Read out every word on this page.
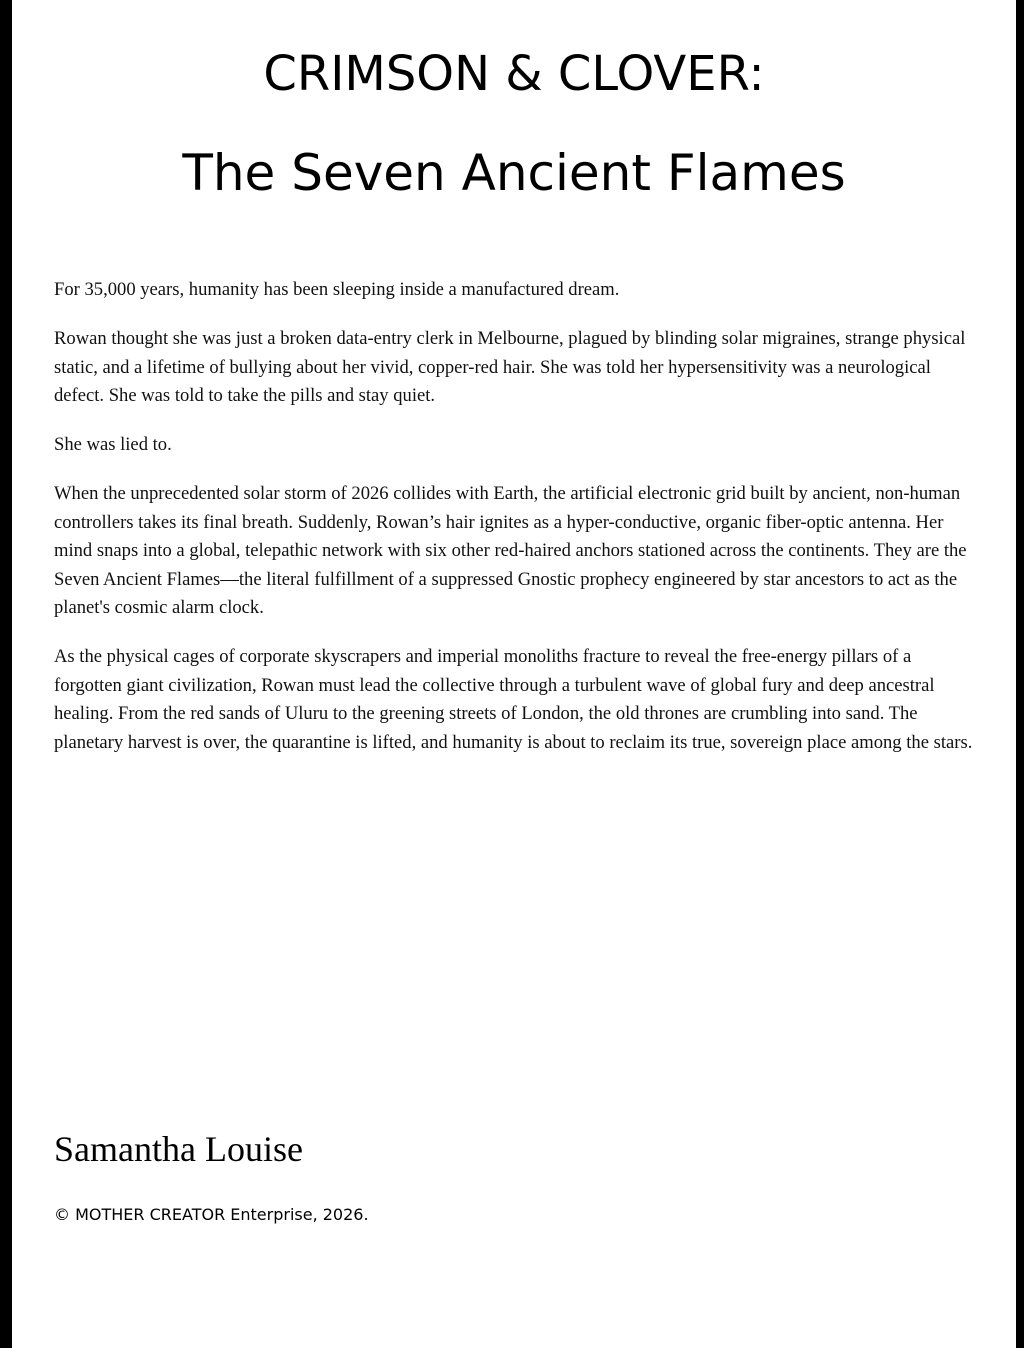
CRIMSON & CLOVER:
The Seven Ancient Flames

For 35,000 years, humanity has been sleeping inside a manufactured dream.

Rowan thought she was just a broken data-entry clerk in Melbourne, plagued by blinding solar migraines, strange physical static, and a lifetime of bullying about her vivid, copper-red hair. She was told her hypersensitivity was a neurological defect. She was told to take the pills and stay quiet.

She was lied to.

When the unprecedented solar storm of 2026 collides with Earth, the artificial electronic grid built by ancient, non-human controllers takes its final breath. Suddenly, Rowan’s hair ignites as a hyper-conductive, organic fiber-optic antenna. Her mind snaps into a global, telepathic network with six other red-haired anchors stationed across the continents. They are the Seven Ancient Flames—the literal fulfillment of a suppressed Gnostic prophecy engineered by star ancestors to act as the planet's cosmic alarm clock.

As the physical cages of corporate skyscrapers and imperial monoliths fracture to reveal the free-energy pillars of a forgotten giant civilization, Rowan must lead the collective through a turbulent wave of global fury and deep ancestral healing. From the red sands of Uluru to the greening streets of London, the old thrones are crumbling into sand. The planetary harvest is over, the quarantine is lifted, and humanity is about to reclaim its true, sovereign place among the stars.

Samantha Louise
© MOTHER CREATOR Enterprise, 2026.
